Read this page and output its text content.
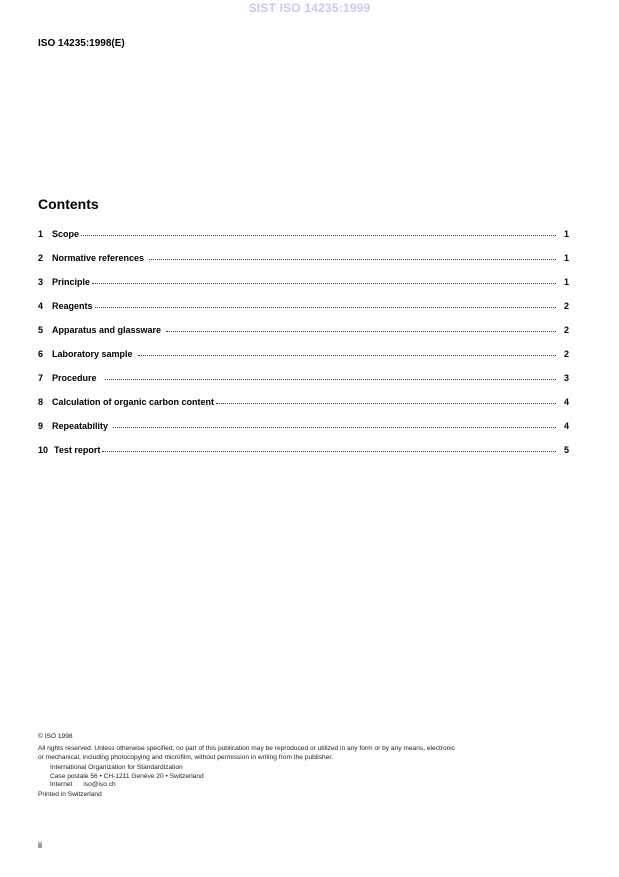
SIST ISO 14235:1999
ISO 14235:1998(E)
Contents
1 Scope	1
2 Normative references	1
3 Principle	1
4 Reagents	2
5 Apparatus and glassware	2
6 Laboratory sample	2
7 Procedure	3
8 Calculation of organic carbon content	4
9 Repeatability	4
10 Test report	5

© ISO 1998

All rights reserved. Unless otherwise specified, no part of this publication may be reproduced or utilized in any form or by any means, electronic

or mechanical, including photocopying and microfilm, without permission in writing from the publisher.

International Organization for Standardization

Case postale 56 • CH-1211 Genève 20 • Switzerland

Internet      iso@iso.ch

Printed in Switzerland

ii
